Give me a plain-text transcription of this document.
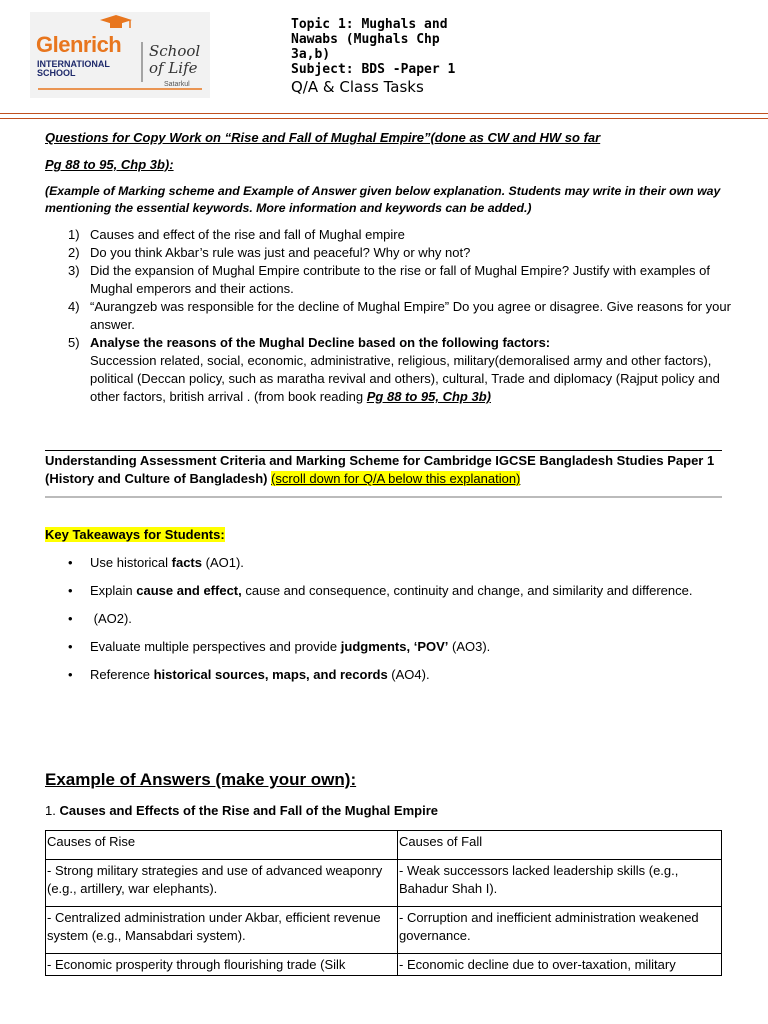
Glenrich
INTERNATIONAL
SCHOOL
School
of Life
Satarkul
Topic 1: Mughals and
Nawabs (Mughals Chp
3a,b)
Subject: BDS -Paper 1
Q/A & Class Tasks
Questions for Copy Work on “Rise and Fall of Mughal Empire”(done as CW and HW so far
Pg 88 to 95, Chp 3b):
(Example of Marking scheme and Example of Answer given below explanation. Students may write in their own way mentioning the essential keywords. More information and keywords can be added.)
1) Causes and effect of the rise and fall of Mughal empire
2) Do you think Akbar’s rule was just and peaceful? Why or why not?
3) Did the expansion of Mughal Empire contribute to the rise or fall of Mughal Empire? Justify with examples of Mughal emperors and their actions.
4) “Aurangzeb was responsible for the decline of Mughal Empire” Do you agree or disagree. Give reasons for your answer.
5) Analyse the reasons of the Mughal Decline based on the following factors:
Succession related, social, economic, administrative, religious, military(demoralised army and other factors), political (Deccan policy, such as maratha revival and others), cultural, Trade and diplomacy (Rajput policy and other factors, british arrival . (from book reading Pg 88 to 95, Chp 3b)
Understanding Assessment Criteria and Marking Scheme for Cambridge IGCSE Bangladesh Studies Paper 1 (History and Culture of Bangladesh) (scroll down for Q/A below this explanation)
Key Takeaways for Students:
• Use historical facts (AO1).
• Explain cause and effect, cause and consequence, continuity and change, and similarity and difference.
• (AO2).
• Evaluate multiple perspectives and provide judgments, ‘POV’ (AO3).
• Reference historical sources, maps, and records (AO4).
Example of Answers (make your own):
1. Causes and Effects of the Rise and Fall of the Mughal Empire
Causes of Rise	Causes of Fall
- Strong military strategies and use of advanced weaponry (e.g., artillery, war elephants).	- Weak successors lacked leadership skills (e.g., Bahadur Shah I).
- Centralized administration under Akbar, efficient revenue system (e.g., Mansabdari system).	- Corruption and inefficient administration weakened governance.
- Economic prosperity through flourishing trade (Silk	- Economic decline due to over-taxation, military
